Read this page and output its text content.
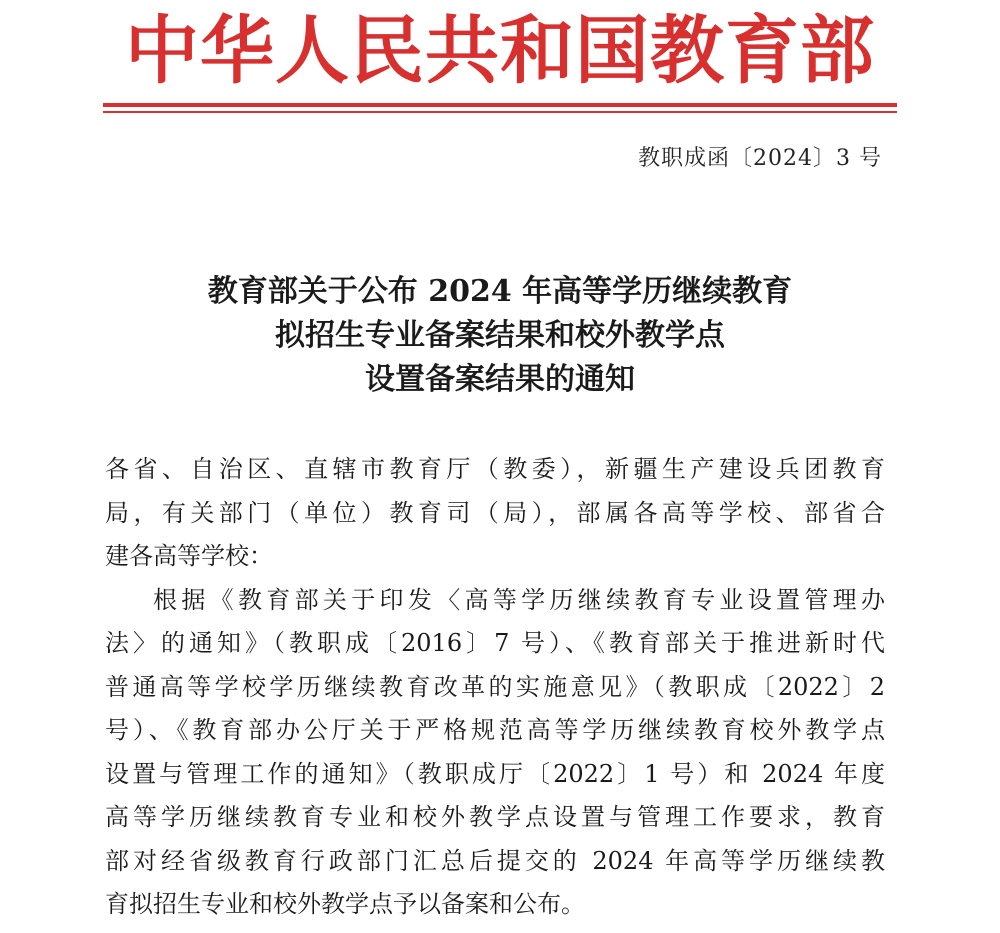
中华人民共和国教育部
教职成函〔2024〕3 号
教育部关于公布 2024 年高等学历继续教育
拟招生专业备案结果和校外教学点
设置备案结果的通知
各省、自治区、直辖市教育厅（教委），新疆生产建设兵团教育
局，有关部门（单位）教育司（局），部属各高等学校、部省合
建各高等学校：
根据《教育部关于印发〈高等学历继续教育专业设置管理办
法〉的通知》（教职成〔2016〕7 号）、《教育部关于推进新时代
普通高等学校学历继续教育改革的实施意见》（教职成〔2022〕2
号）、《教育部办公厅关于严格规范高等学历继续教育校外教学点
设置与管理工作的通知》（教职成厅〔2022〕1 号）和 2024 年度
高等学历继续教育专业和校外教学点设置与管理工作要求，教育
部对经省级教育行政部门汇总后提交的 2024 年高等学历继续教
育拟招生专业和校外教学点予以备案和公布。
